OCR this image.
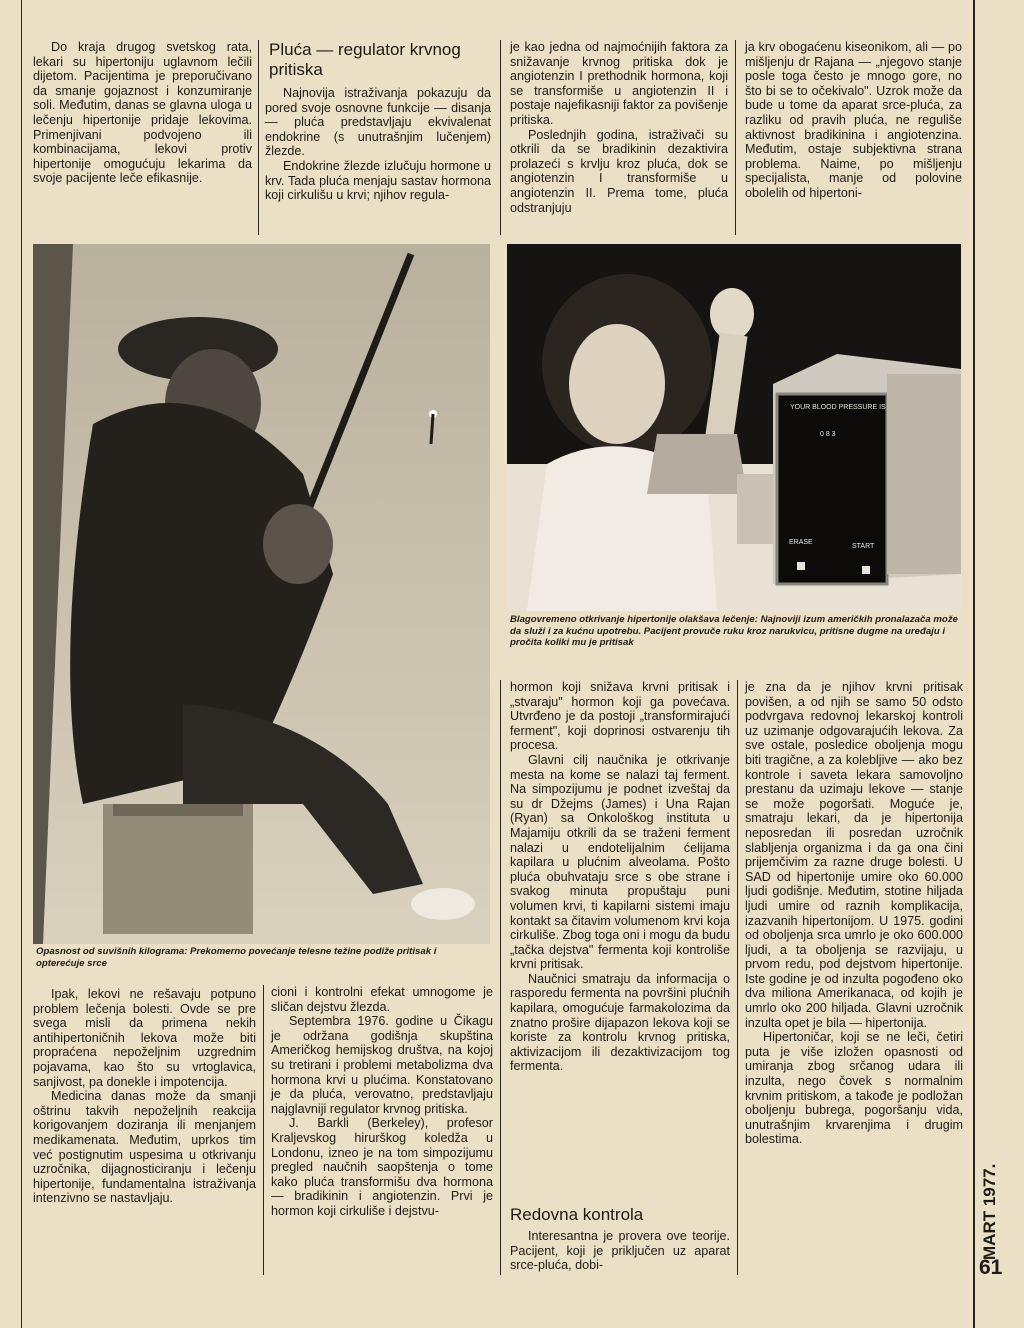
Do kraja drugog svetskog rata, lekari su hipertoniju uglavnom lečili dijetom. Pacijentima je preporučivano da smanje gojaznost i konzumiranje soli. Međutim, danas se glavna uloga u lečenju hipertonije pridaje lekovima. Primenjivani podvojeno ili kombinacijama, lekovi protiv hipertonije omogućuju lekarima da svoje pacijente leče efikasnije.

Pluća — regulator krvnog pritiska

Najnovija istraživanja pokazuju da pored svoje osnovne funkcije — disanja — pluća predstavljaju ekvivalenat endokrine (s unutrašnjim lučenjem) žlezde.

Endokrine žlezde izlučuju hormone u krv. Tada pluća menjaju sastav hormona koji cirkulišu u krvi; njihov regula-

je kao jedna od najmoćnijih faktora za snižavanje krvnog pritiska dok je angiotenzin I prethodnik hormona, koji se transformiše u angiotenzin II i postaje najefikasniji faktor za povišenje pritiska.

Poslednjih godina, istraživači su otkrili da se bradikinin dezaktivira prolazeći s krvlju kroz pluća, dok se angiotenzin I transformiše u angiotenzin II. Prema tome, pluća odstranjuju

ja krv obogaćenu kiseonikom, ali — po mišljenju dr Rajana — „njegovo stanje posle toga često je mnogo gore, no što bi se to očekivalo". Uzrok može da bude u tome da aparat srce-pluća, za razliku od pravih pluća, ne reguliše aktivnost bradikinina i angiotenzina. Međutim, ostaje subjektivna strana problema. Naime, po mišljenju specijalista, manje od polovine obolelih od hipertoni-

Opasnost od suvišnih kilograma: Prekomerno povećanje telesne težine podiže pritisak i opterećuje srce
YOUR BLOOD PRESSURE IS
0 8 3
ERASE
START
Blagovremeno otkrivanje hipertonije olakšava lečenje: Najnoviji izum američkih pronalazača može da služi i za kućnu upotrebu. Pacijent provuče ruku kroz narukvicu, pritisne dugme na uređaju i pročita koliki mu je pritisak

Ipak, lekovi ne rešavaju potpuno problem lečenja bolesti. Ovde se pre svega misli da primena nekih antihipertoničnih lekova može biti propraćena nepoželjnim uzgrednim pojavama, kao što su vrtoglavica, sanjivost, pa donekle i impotencija.

Medicina danas može da smanji oštrinu takvih nepoželjnih reakcija korigovanjem doziranja ili menjanjem medikamenata. Međutim, uprkos tim već postignutim uspesima u otkrivanju uzročnika, dijagnosticiranju i lečenju hipertonije, fundamentalna istraživanja intenzivno se nastavljaju.

cioni i kontrolni efekat umnogome je sličan dejstvu žlezda.

Septembra 1976. godine u Čikagu je održana godišnja skupština Američkog hemijskog društva, na kojoj su tretirani i problemi metabolizma dva hormona krvi u plućima. Konstatovano je da pluća, verovatno, predstavljaju najglavniji regulator krvnog pritiska.

J. Barkli (Berkeley), profesor Kraljevskog hirurškog koledža u Londonu, izneo je na tom simpozijumu pregled naučnih saopštenja o tome kako pluća transformišu dva hormona — bradikinin i angiotenzin. Prvi je hormon koji cirkuliše i dejstvu-

hormon koji snižava krvni pritisak i „stvaraju" hormon koji ga povećava. Utvrđeno je da postoji „transformirajući ferment", koji doprinosi ostvarenju tih procesa.

Glavni cilj naučnika je otkrivanje mesta na kome se nalazi taj ferment. Na simpozijumu je podnet izveštaj da su dr Džejms (James) i Una Rajan (Ryan) sa Onkološkog instituta u Majamiju otkrili da se traženi ferment nalazi u endotelijalnim ćelijama kapilara u plućnim alveolama. Pošto pluća obuhvataju srce s obe strane i svakog minuta propuštaju puni volumen krvi, ti kapilarni sistemi imaju kontakt sa čitavim volumenom krvi koja cirkuliše. Zbog toga oni i mogu da budu „tačka dejstva" fermenta koji kontroliše krvni pritisak.

Naučnici smatraju da informacija o rasporedu fermenta na površini plućnih kapilara, omogućuje farmakolozima da znatno prošire dijapazon lekova koji se koriste za kontrolu krvnog pritiska, aktivizacijom ili dezaktivizacijom tog fermenta.

Redovna kontrola

Interesantna je provera ove teorije. Pacijent, koji je priključen uz aparat srce-pluća, dobi-

je zna da je njihov krvni pritisak povišen, a od njih se samo 50 odsto podvrgava redovnoj lekarskoj kontroli uz uzimanje odgovarajućih lekova. Za sve ostale, posledice oboljenja mogu biti tragične, a za kolebljive — ako bez kontrole i saveta lekara samovoljno prestanu da uzimaju lekove — stanje se može pogoršati. Moguće je, smatraju lekari, da je hipertonija neposredan ili posredan uzročnik slabljenja organizma i da ga ona čini prijemčivim za razne druge bolesti. U SAD od hipertonije umire oko 60.000 ljudi godišnje. Međutim, stotine hiljada ljudi umire od raznih komplikacija, izazvanih hipertonijom. U 1975. godini od oboljenja srca umrlo je oko 600.000 ljudi, a ta oboljenja se razvijaju, u prvom redu, pod dejstvom hipertonije. Iste godine je od inzulta pogođeno oko dva miliona Amerikanaca, od kojih je umrlo oko 200 hiljada. Glavni uzročnik inzulta opet je bila — hipertonija.

Hipertoničar, koji se ne leči, četiri puta je više izložen opasnosti od umiranja zbog srčanog udara ili inzulta, nego čovek s normalnim krvnim pritiskom, a takođe je podložan oboljenju bubrega, pogoršanju vida, unutrašnjim krvarenjima i drugim bolestima.

MART 1977.
61
